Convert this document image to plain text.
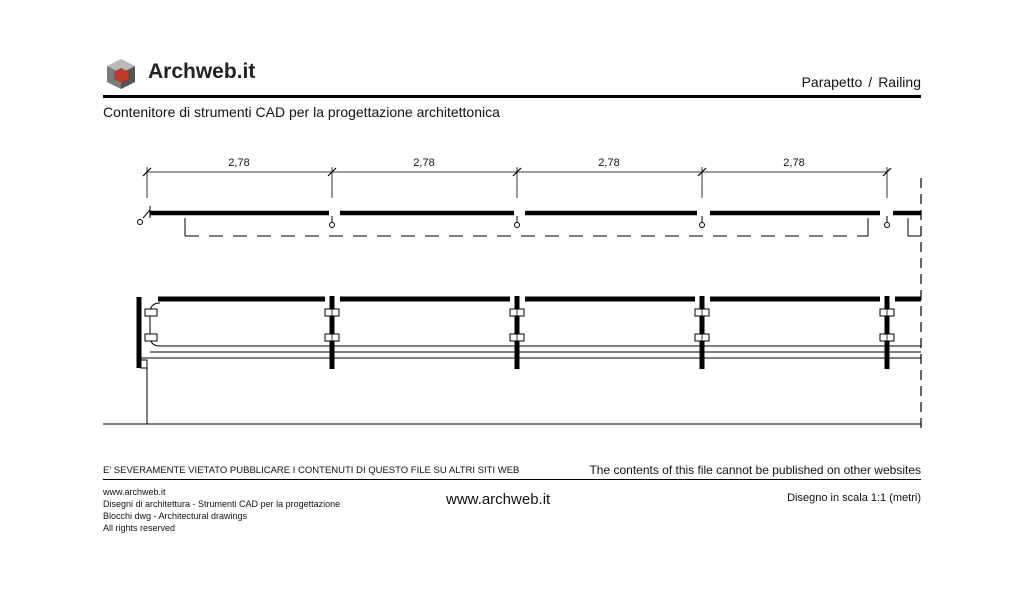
Archweb.it	Parapetto / Railing
Contenitore di strumenti CAD per la progettazione architettonica
2,78	2,78	2,78	2,78
E' SEVERAMENTE VIETATO PUBBLICARE I CONTENUTI DI QUESTO FILE SU ALTRI SITI WEB	The contents of this file cannot be published on other websites
www.archweb.it
Disegni di architettura - Strumenti CAD per la progettazione
Blocchi dwg - Architectural drawings
All rights reserved
www.archweb.it	Disegno in scala 1:1 (metri)
